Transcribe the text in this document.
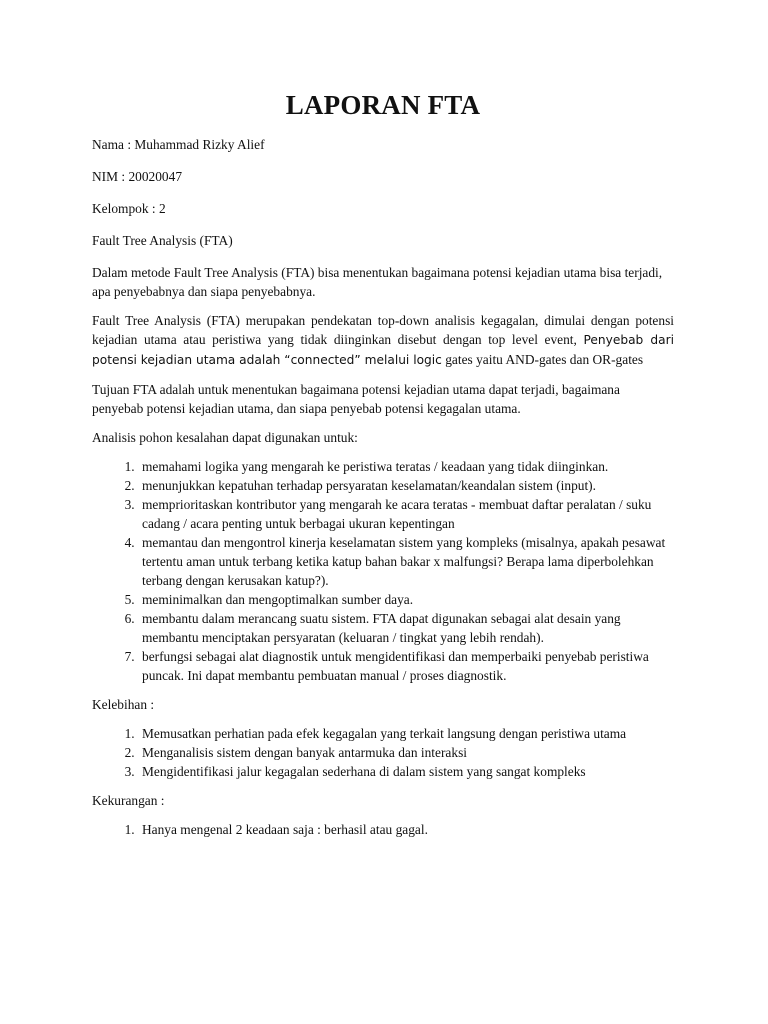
LAPORAN FTA

Nama : Muhammad Rizky Alief

NIM : 20020047

Kelompok : 2

Fault Tree Analysis (FTA)

Dalam metode Fault Tree Analysis (FTA) bisa menentukan bagaimana potensi kejadian utama bisa terjadi, apa penyebabnya dan siapa penyebabnya.

Fault Tree Analysis (FTA) merupakan pendekatan top-down analisis kegagalan, dimulai dengan potensi kejadian utama atau peristiwa yang tidak diinginkan disebut dengan top level event, Penyebab dari potensi kejadian utama adalah “connected” melalui logic gates yaitu AND-gates dan OR-gates

Tujuan FTA adalah untuk menentukan bagaimana potensi kejadian utama dapat terjadi, bagaimana penyebab potensi kejadian utama, dan siapa penyebab potensi kegagalan utama.

Analisis pohon kesalahan dapat digunakan untuk:

1. memahami logika yang mengarah ke peristiwa teratas / keadaan yang tidak diinginkan.
2. menunjukkan kepatuhan terhadap persyaratan keselamatan/keandalan sistem (input).
3. memprioritaskan kontributor yang mengarah ke acara teratas - membuat daftar peralatan / suku cadang / acara penting untuk berbagai ukuran kepentingan
4. memantau dan mengontrol kinerja keselamatan sistem yang kompleks (misalnya, apakah pesawat tertentu aman untuk terbang ketika katup bahan bakar x malfungsi? Berapa lama diperbolehkan terbang dengan kerusakan katup?).
5. meminimalkan dan mengoptimalkan sumber daya.
6. membantu dalam merancang suatu sistem. FTA dapat digunakan sebagai alat desain yang membantu menciptakan persyaratan (keluaran / tingkat yang lebih rendah).
7. berfungsi sebagai alat diagnostik untuk mengidentifikasi dan memperbaiki penyebab peristiwa puncak. Ini dapat membantu pembuatan manual / proses diagnostik.

Kelebihan :

1. Memusatkan perhatian pada efek kegagalan yang terkait langsung dengan peristiwa utama
2. Menganalisis sistem dengan banyak antarmuka dan interaksi
3. Mengidentifikasi jalur kegagalan sederhana di dalam sistem yang sangat kompleks

Kekurangan :

1. Hanya mengenal 2 keadaan saja : berhasil atau gagal.
